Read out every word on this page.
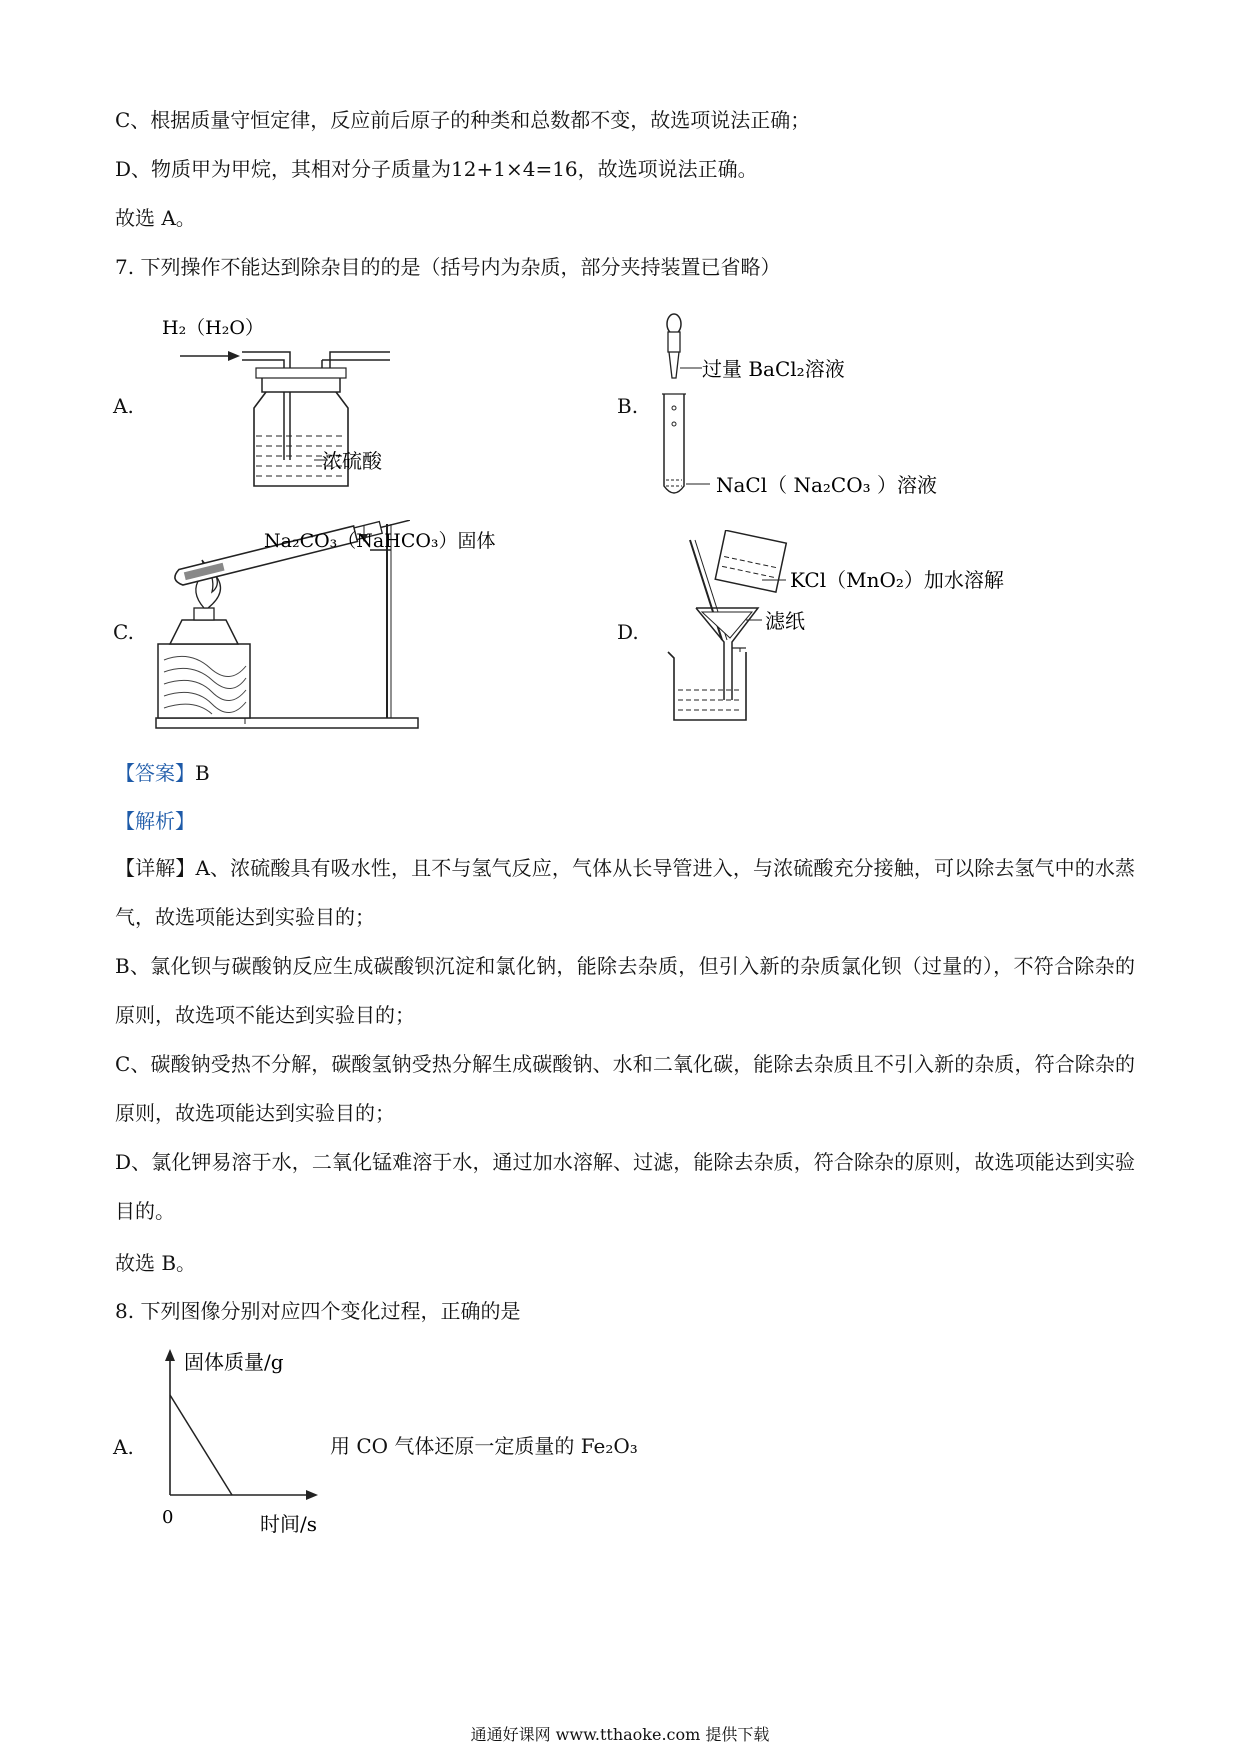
C、根据质量守恒定律，反应前后原子的种类和总数都不变，故选项说法正确；
D、物质甲为甲烷，其相对分子质量为12+1×4=16，故选项说法正确。
故选 A。
7. 下列操作不能达到除杂目的的是（括号内为杂质，部分夹持装置已省略）
A.
H₂（H₂O）
浓硫酸
B.
过量 BaCl₂溶液
NaCl（ Na₂CO₃ ）溶液
C.
Na₂CO₃（NaHCO₃）固体
D.
KCl（MnO₂）加水溶解
滤纸
【答案】B
【解析】
【详解】A、浓硫酸具有吸水性，且不与氢气反应，气体从长导管进入，与浓硫酸充分接触，可以除去氢气中的水蒸气，故选项能达到实验目的；
B、氯化钡与碳酸钠反应生成碳酸钡沉淀和氯化钠，能除去杂质，但引入新的杂质氯化钡（过量的），不符合除杂的原则，故选项不能达到实验目的；
C、碳酸钠受热不分解，碳酸氢钠受热分解生成碳酸钠、水和二氧化碳，能除去杂质且不引入新的杂质，符合除杂的原则，故选项能达到实验目的；
D、氯化钾易溶于水，二氧化锰难溶于水，通过加水溶解、过滤，能除去杂质，符合除杂的原则，故选项能达到实验目的。
故选 B。
8. 下列图像分别对应四个变化过程，正确的是
A.
固体质量/g
0	时间/s
用 CO 气体还原一定质量的 Fe₂O₃
通通好课网 www.tthaoke.com 提供下载
